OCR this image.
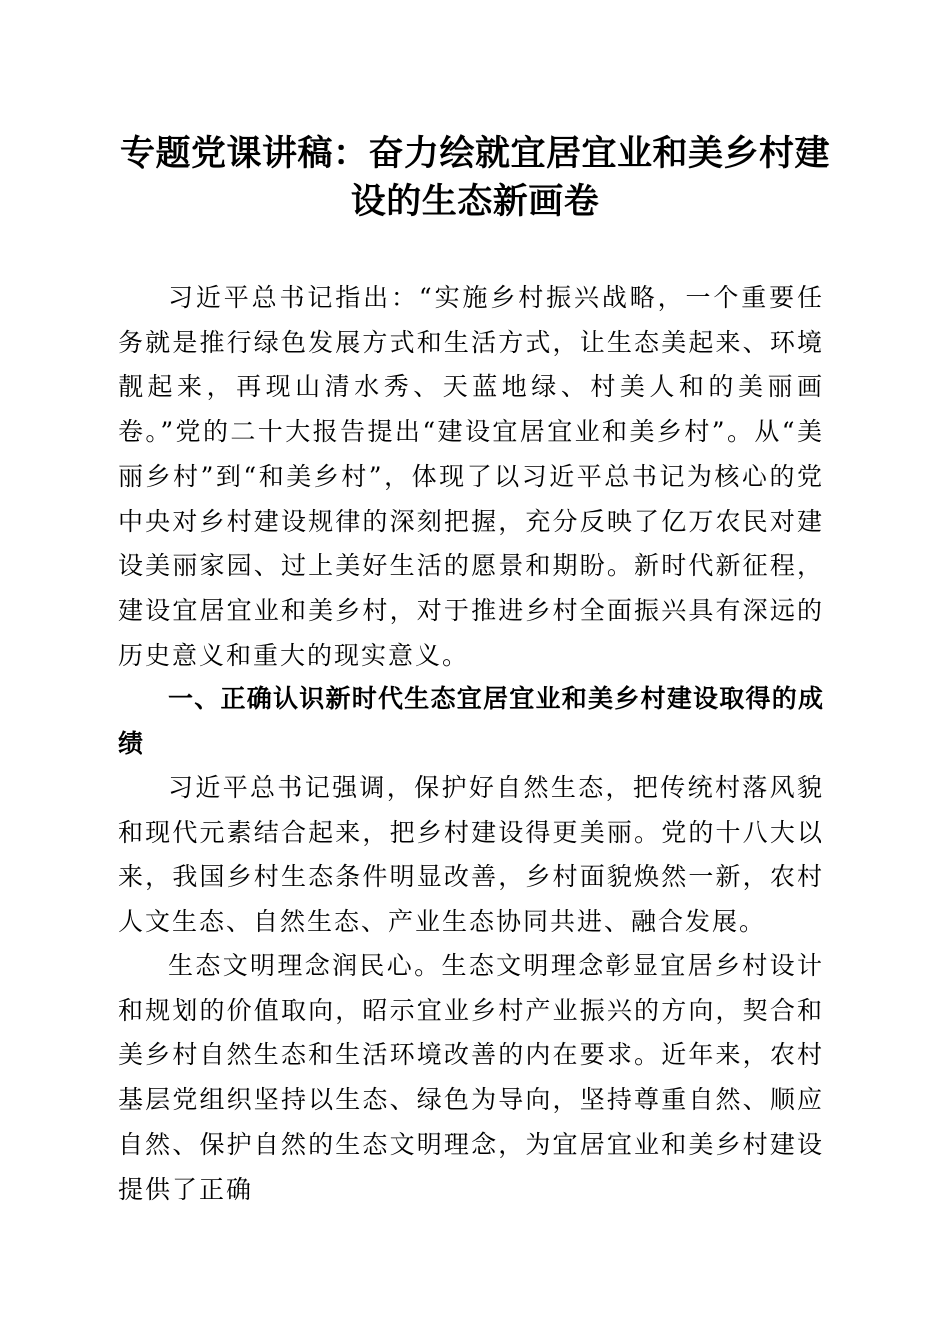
专题党课讲稿：奋力绘就宜居宜业和美乡村建设的生态新画卷

习近平总书记指出：“实施乡村振兴战略，一个重要任务就是推行绿色发展方式和生活方式，让生态美起来、环境靓起来，再现山清水秀、天蓝地绿、村美人和的美丽画卷。”党的二十大报告提出“建设宜居宜业和美乡村”。从“美丽乡村”到“和美乡村”，体现了以习近平总书记为核心的党中央对乡村建设规律的深刻把握，充分反映了亿万农民对建设美丽家园、过上美好生活的愿景和期盼。新时代新征程，建设宜居宜业和美乡村，对于推进乡村全面振兴具有深远的历史意义和重大的现实意义。

一、正确认识新时代生态宜居宜业和美乡村建设取得的成绩

习近平总书记强调，保护好自然生态，把传统村落风貌和现代元素结合起来，把乡村建设得更美丽。党的十八大以来，我国乡村生态条件明显改善，乡村面貌焕然一新，农村人文生态、自然生态、产业生态协同共进、融合发展。

生态文明理念润民心。生态文明理念彰显宜居乡村设计和规划的价值取向，昭示宜业乡村产业振兴的方向，契合和美乡村自然生态和生活环境改善的内在要求。近年来，农村基层党组织坚持以生态、绿色为导向，坚持尊重自然、顺应自然、保护自然的生态文明理念，为宜居宜业和美乡村建设提供了正确
